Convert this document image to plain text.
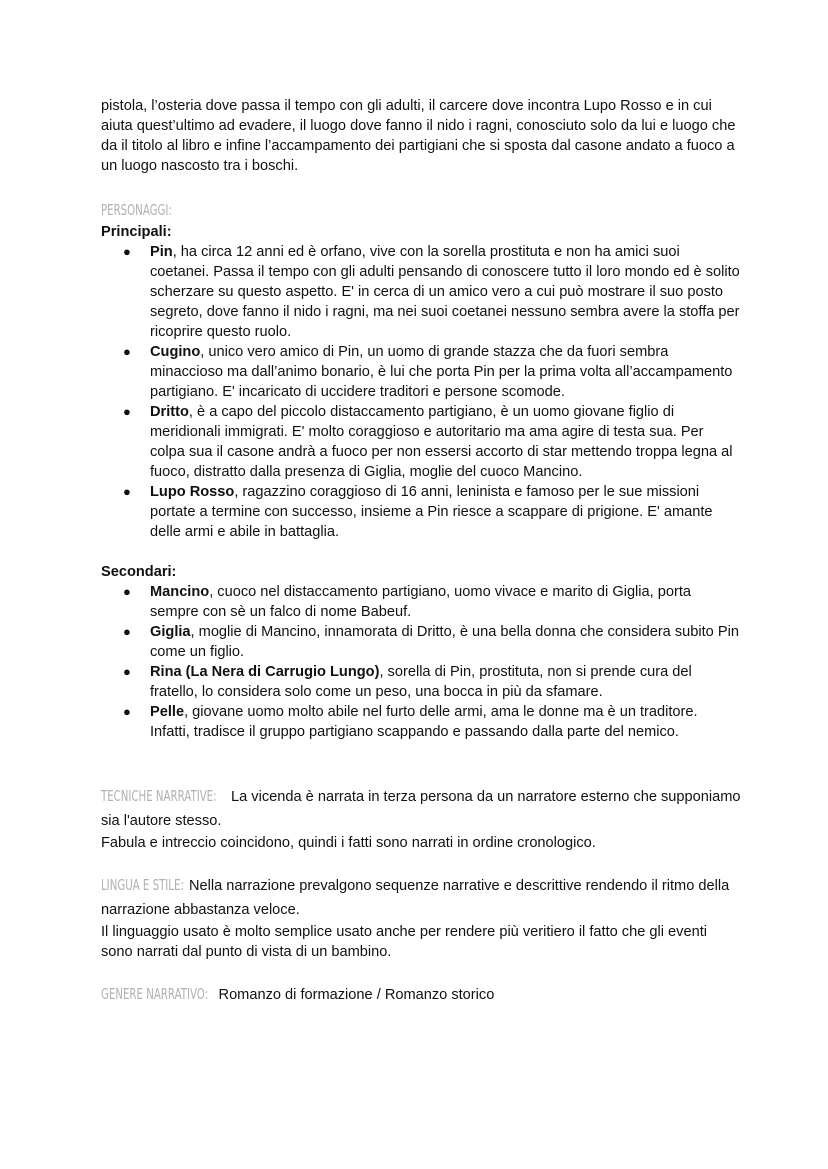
pistola, l’osteria dove passa il tempo con gli adulti, il carcere dove incontra Lupo Rosso e in cui aiuta quest’ultimo ad evadere, il luogo dove fanno il nido i ragni, conosciuto solo da lui e luogo che da il titolo al libro e infine l’accampamento dei partigiani che si sposta dal casone andato a fuoco a un luogo nascosto tra i boschi.

PERSONAGGI:

Principali:

● Pin, ha circa 12 anni ed è orfano, vive con la sorella prostituta e non ha amici suoi coetanei. Passa il tempo con gli adulti pensando di conoscere tutto il loro mondo ed è solito scherzare su questo aspetto. E' in cerca di un amico vero a cui può mostrare il suo posto segreto, dove fanno il nido i ragni, ma nei suoi coetanei nessuno sembra avere la stoffa per ricoprire questo ruolo.
● Cugino, unico vero amico di Pin, un uomo di grande stazza che da fuori sembra minaccioso ma dall’animo bonario, è lui che porta Pin per la prima volta all’accampamento partigiano. E' incaricato di uccidere traditori e persone scomode.
● Dritto, è a capo del piccolo distaccamento partigiano, è un uomo giovane figlio di meridionali immigrati. E' molto coraggioso e autoritario ma ama agire di testa sua. Per colpa sua il casone andrà a fuoco per non essersi accorto di star mettendo troppa legna al fuoco, distratto dalla presenza di Giglia, moglie del cuoco Mancino.
● Lupo Rosso, ragazzino coraggioso di 16 anni, leninista e famoso per le sue missioni portate a termine con successo, insieme a Pin riesce a scappare di prigione. E' amante delle armi e abile in battaglia.

Secondari:

● Mancino, cuoco nel distaccamento partigiano, uomo vivace e marito di Giglia, porta sempre con sè un falco di nome Babeuf.
● Giglia, moglie di Mancino, innamorata di Dritto, è una bella donna che considera subito Pin come un figlio.
● Rina (La Nera di Carrugio Lungo), sorella di Pin, prostituta, non si prende cura del fratello, lo considera solo come un peso, una bocca in più da sfamare.
● Pelle, giovane uomo molto abile nel furto delle armi, ama le donne ma è un traditore. Infatti, tradisce il gruppo partigiano scappando e passando dalla parte del nemico.

TECNICHE NARRATIVE: La vicenda è narrata in terza persona da un narratore esterno che supponiamo sia l'autore stesso.

Fabula e intreccio coincidono, quindi i fatti sono narrati in ordine cronologico.

LINGUA E STILE: Nella narrazione prevalgono sequenze narrative e descrittive rendendo il ritmo della narrazione abbastanza veloce.

Il linguaggio usato è molto semplice usato anche per rendere più veritiero il fatto che gli eventi sono narrati dal punto di vista di un bambino.

GENERE NARRATIVO: Romanzo di formazione / Romanzo storico
